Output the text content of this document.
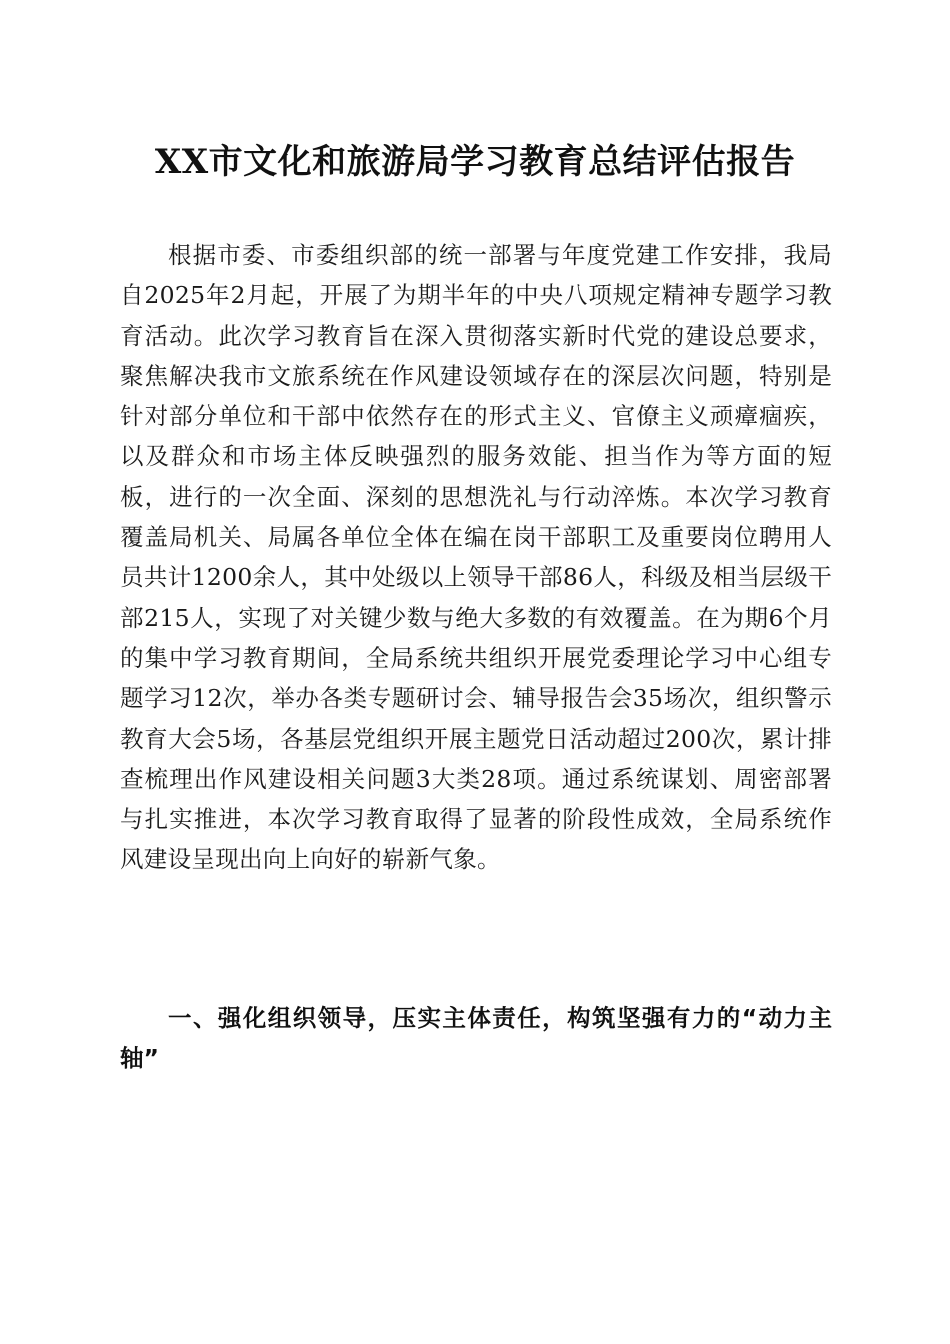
XX市文化和旅游局学习教育总结评估报告

根据市委、市委组织部的统一部署与年度党建工作安排，我局自2025年2月起，开展了为期半年的中央八项规定精神专题学习教育活动。此次学习教育旨在深入贯彻落实新时代党的建设总要求，聚焦解决我市文旅系统在作风建设领域存在的深层次问题，特别是针对部分单位和干部中依然存在的形式主义、官僚主义顽瘴痼疾，以及群众和市场主体反映强烈的服务效能、担当作为等方面的短板，进行的一次全面、深刻的思想洗礼与行动淬炼。本次学习教育覆盖局机关、局属各单位全体在编在岗干部职工及重要岗位聘用人员共计1200余人，其中处级以上领导干部86人，科级及相当层级干部215人，实现了对关键少数与绝大多数的有效覆盖。在为期6个月的集中学习教育期间，全局系统共组织开展党委理论学习中心组专题学习12次，举办各类专题研讨会、辅导报告会35场次，组织警示教育大会5场，各基层党组织开展主题党日活动超过200次，累计排查梳理出作风建设相关问题3大类28项。通过系统谋划、周密部署与扎实推进，本次学习教育取得了显著的阶段性成效，全局系统作风建设呈现出向上向好的崭新气象。

一、强化组织领导，压实主体责任，构筑坚强有力的“动力主轴”
